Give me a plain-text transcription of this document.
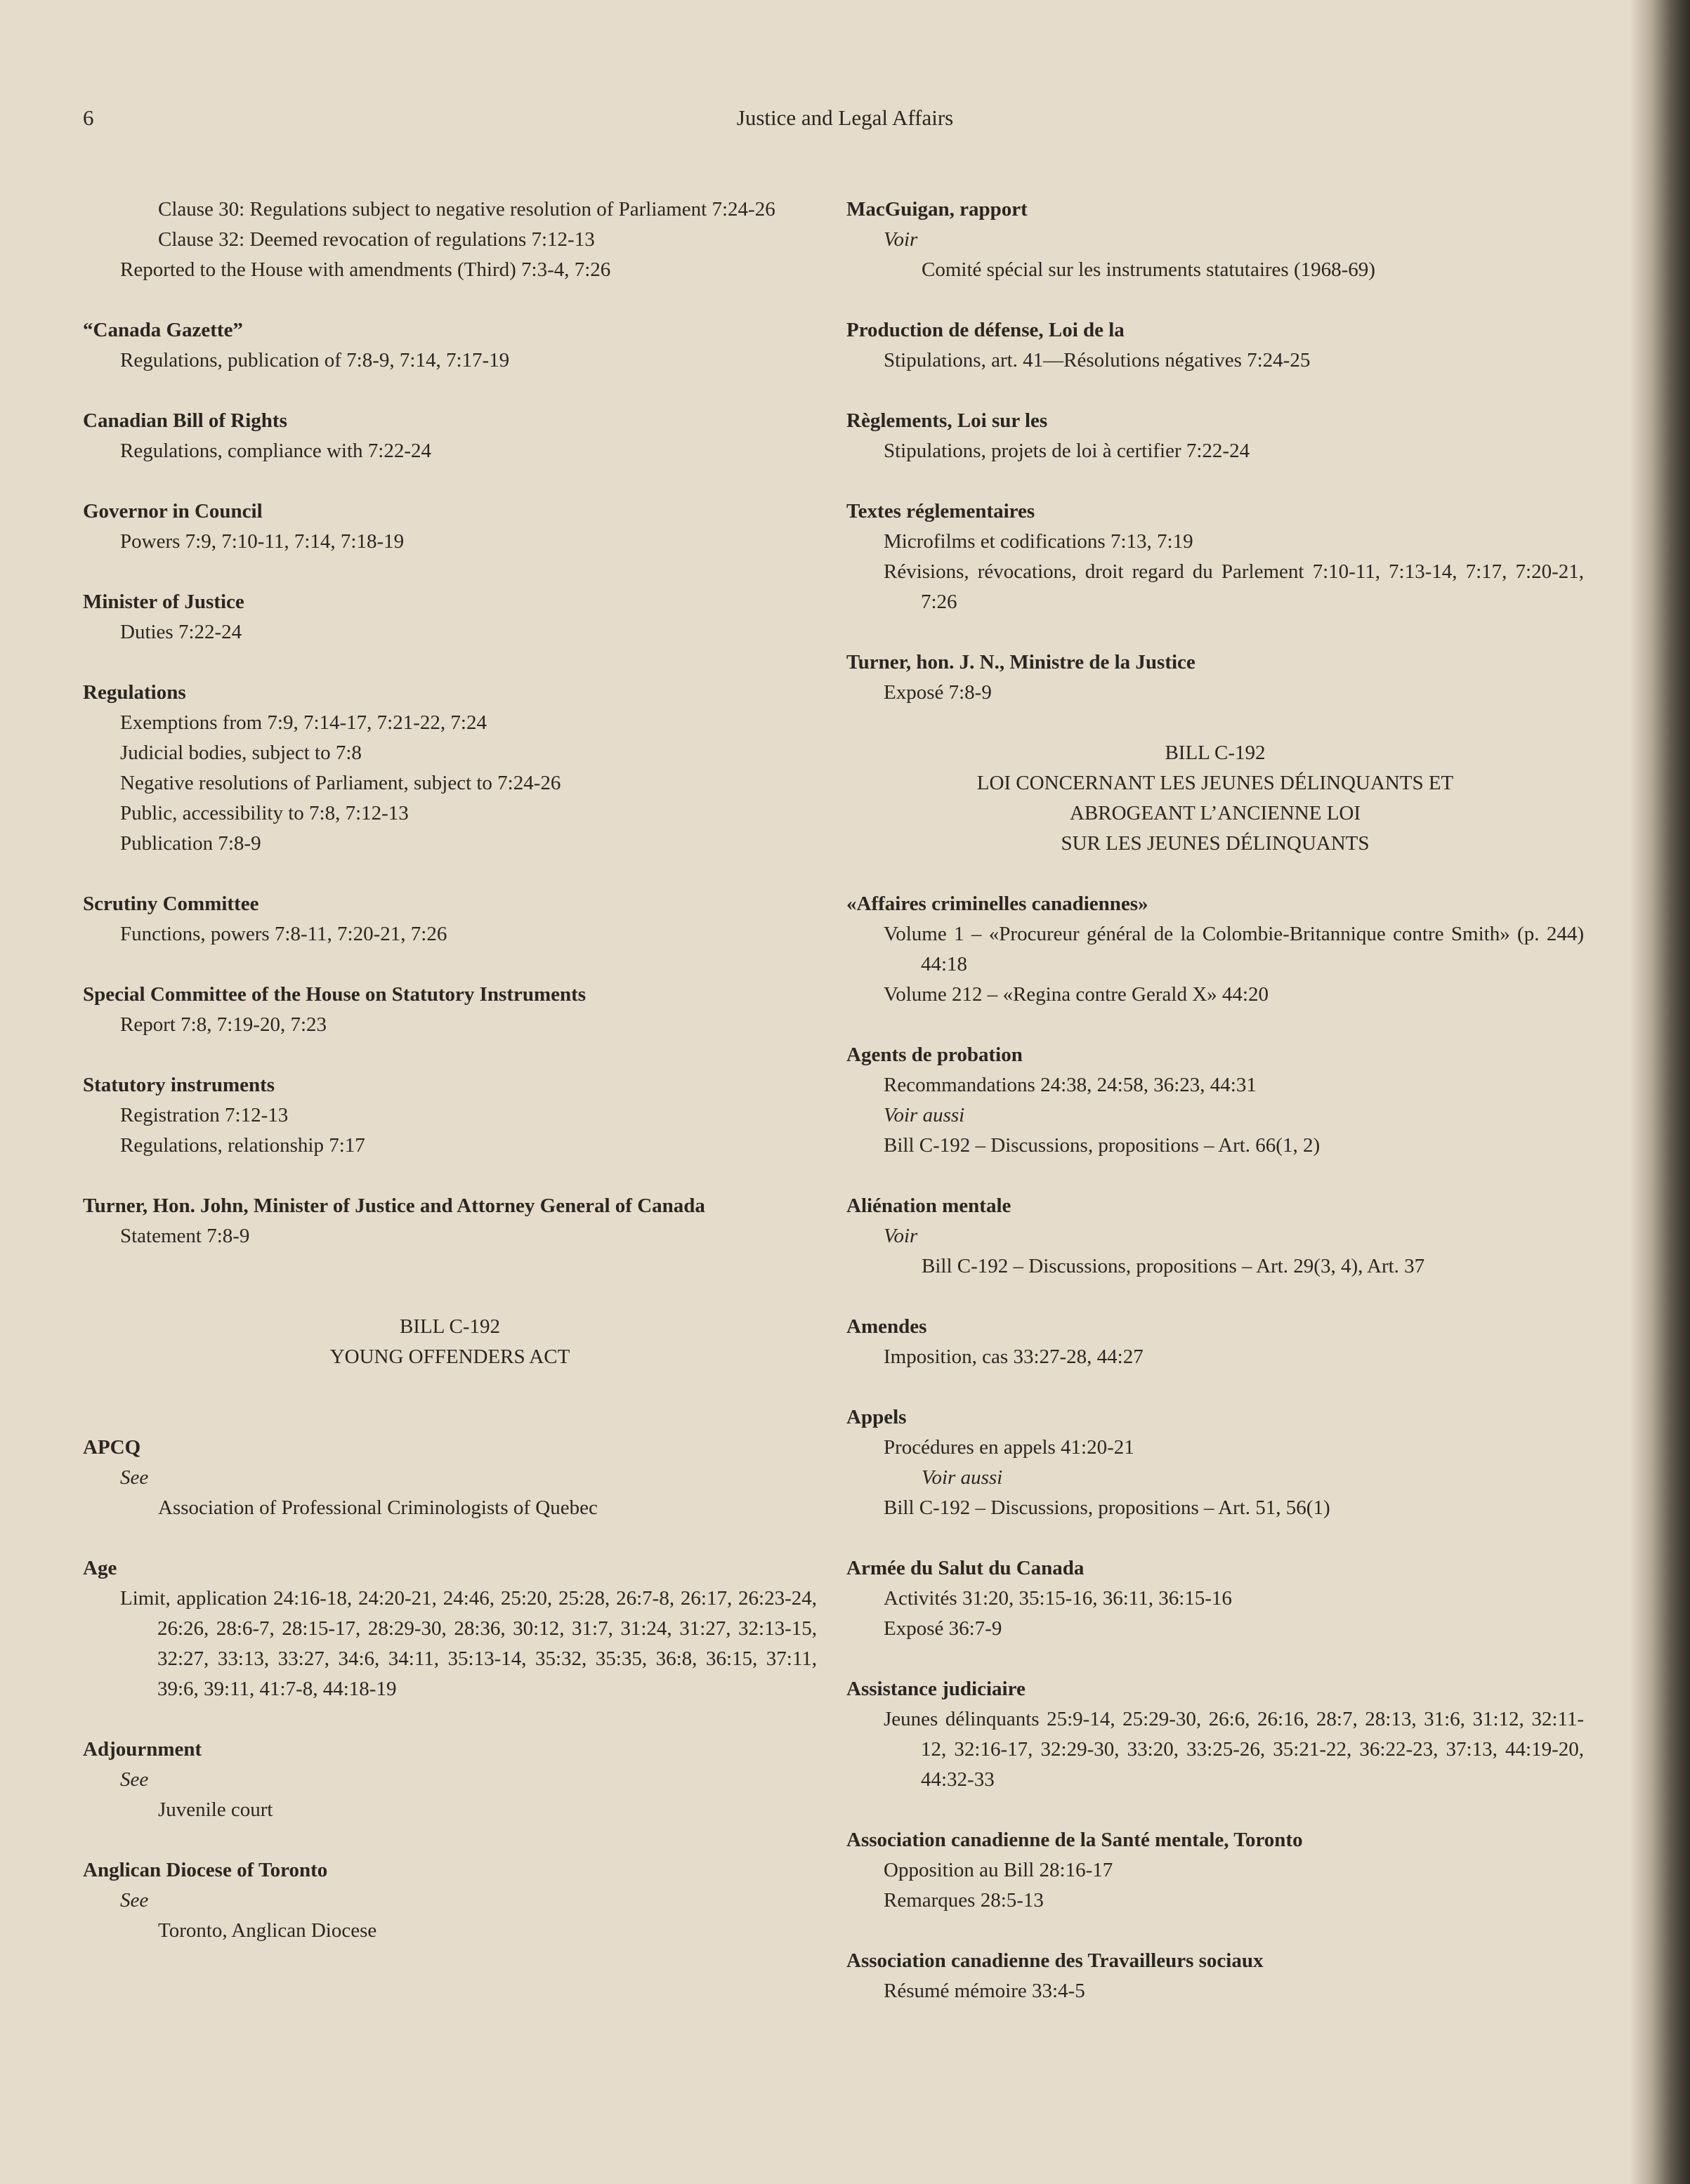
6	Justice and Legal Affairs
Clause 30: Regulations subject to negative resolution of Parliament 7:24-26
Clause 32: Deemed revocation of regulations 7:12-13
Reported to the House with amendments (Third) 7:3-4, 7:26
“Canada Gazette”
Regulations, publication of 7:8-9, 7:14, 7:17-19
Canadian Bill of Rights
Regulations, compliance with 7:22-24
Governor in Council
Powers 7:9, 7:10-11, 7:14, 7:18-19
Minister of Justice
Duties 7:22-24
Regulations
Exemptions from 7:9, 7:14-17, 7:21-22, 7:24
Judicial bodies, subject to 7:8
Negative resolutions of Parliament, subject to 7:24-26
Public, accessibility to 7:8, 7:12-13
Publication 7:8-9
Scrutiny Committee
Functions, powers 7:8-11, 7:20-21, 7:26
Special Committee of the House on Statutory Instruments
Report 7:8, 7:19-20, 7:23
Statutory instruments
Registration 7:12-13
Regulations, relationship 7:17
Turner, Hon. John, Minister of Justice and Attorney General of Canada
Statement 7:8-9
BILL C-192
YOUNG OFFENDERS ACT
APCQ
See
Association of Professional Criminologists of Quebec
Age
Limit, application 24:16-18, 24:20-21, 24:46, 25:20, 25:28, 26:7-8, 26:17, 26:23-24, 26:26, 28:6-7, 28:15-17, 28:29-30, 28:36, 30:12, 31:7, 31:24, 31:27, 32:13-15, 32:27, 33:13, 33:27, 34:6, 34:11, 35:13-14, 35:32, 35:35, 36:8, 36:15, 37:11, 39:6, 39:11, 41:7-8, 44:18-19
Adjournment
See
Juvenile court
Anglican Diocese of Toronto
See
Toronto, Anglican Diocese
MacGuigan, rapport
Voir
Comité spécial sur les instruments statutaires (1968-69)
Production de défense, Loi de la
Stipulations, art. 41—Résolutions négatives 7:24-25
Règlements, Loi sur les
Stipulations, projets de loi à certifier 7:22-24
Textes réglementaires
Microfilms et codifications 7:13, 7:19
Révisions, révocations, droit regard du Parlement 7:10-11, 7:13-14, 7:17, 7:20-21, 7:26
Turner, hon. J. N., Ministre de la Justice
Exposé 7:8-9
BILL C-192
LOI CONCERNANT LES JEUNES DÉLINQUANTS ET
ABROGEANT L’ANCIENNE LOI
SUR LES JEUNES DÉLINQUANTS
«Affaires criminelles canadiennes»
Volume 1 – «Procureur général de la Colombie-Britannique contre Smith» (p. 244) 44:18
Volume 212 – «Regina contre Gerald X» 44:20
Agents de probation
Recommandations 24:38, 24:58, 36:23, 44:31
Voir aussi
Bill C-192 – Discussions, propositions – Art. 66(1, 2)
Aliénation mentale
Voir
Bill C-192 – Discussions, propositions – Art. 29(3, 4), Art. 37
Amendes
Imposition, cas 33:27-28, 44:27
Appels
Procédures en appels 41:20-21
Voir aussi
Bill C-192 – Discussions, propositions – Art. 51, 56(1)
Armée du Salut du Canada
Activités 31:20, 35:15-16, 36:11, 36:15-16
Exposé 36:7-9
Assistance judiciaire
Jeunes délinquants 25:9-14, 25:29-30, 26:6, 26:16, 28:7, 28:13, 31:6, 31:12, 32:11-12, 32:16-17, 32:29-30, 33:20, 33:25-26, 35:21-22, 36:22-23, 37:13, 44:19-20, 44:32-33
Association canadienne de la Santé mentale, Toronto
Opposition au Bill 28:16-17
Remarques 28:5-13
Association canadienne des Travailleurs sociaux
Résumé mémoire 33:4-5
